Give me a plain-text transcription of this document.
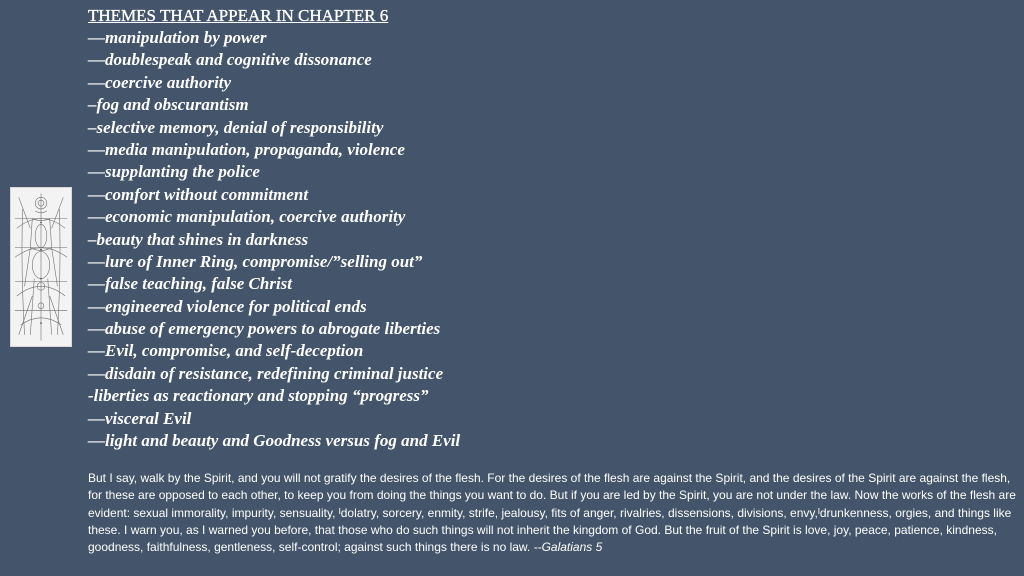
THEMES THAT APPEAR IN CHAPTER 6
—manipulation by power
—doublespeak and cognitive dissonance
—coercive authority
–fog and obscurantism
–selective memory, denial of responsibility
—media manipulation, propaganda, violence
—supplanting the police
—comfort without commitment
—economic manipulation, coercive authority
–beauty that shines in darkness
—lure of Inner Ring, compromise/”selling out”
—false teaching, false Christ
—engineered violence for political ends
—abuse of emergency powers to abrogate liberties
—Evil, compromise, and self-deception
—disdain of resistance, redefining criminal justice
-liberties as reactionary and stopping “progress”
—visceral Evil
—light and beauty and Goodness versus fog and Evil

But I say, walk by the Spirit, and you will not gratify the desires of the flesh. For the desires of the flesh are against the Spirit, and the desires of the Spirit are against the flesh, for these are opposed to each other, to keep you from doing the things you want to do. But if you are led by the Spirit, you are not under the law. Now the works of the flesh are evident: sexual immorality, impurity, sensuality, ᴵdolatry, sorcery, enmity, strife, jealousy, fits of anger, rivalries, dissensions, divisions, envy,ᴵdrunkenness, orgies, and things like these. I warn you, as I warned you before, that those who do such things will not inherit the kingdom of God. But the fruit of the Spirit is love, joy, peace, patience, kindness, goodness, faithfulness, gentleness, self-control; against such things there is no law. --Galatians 5
